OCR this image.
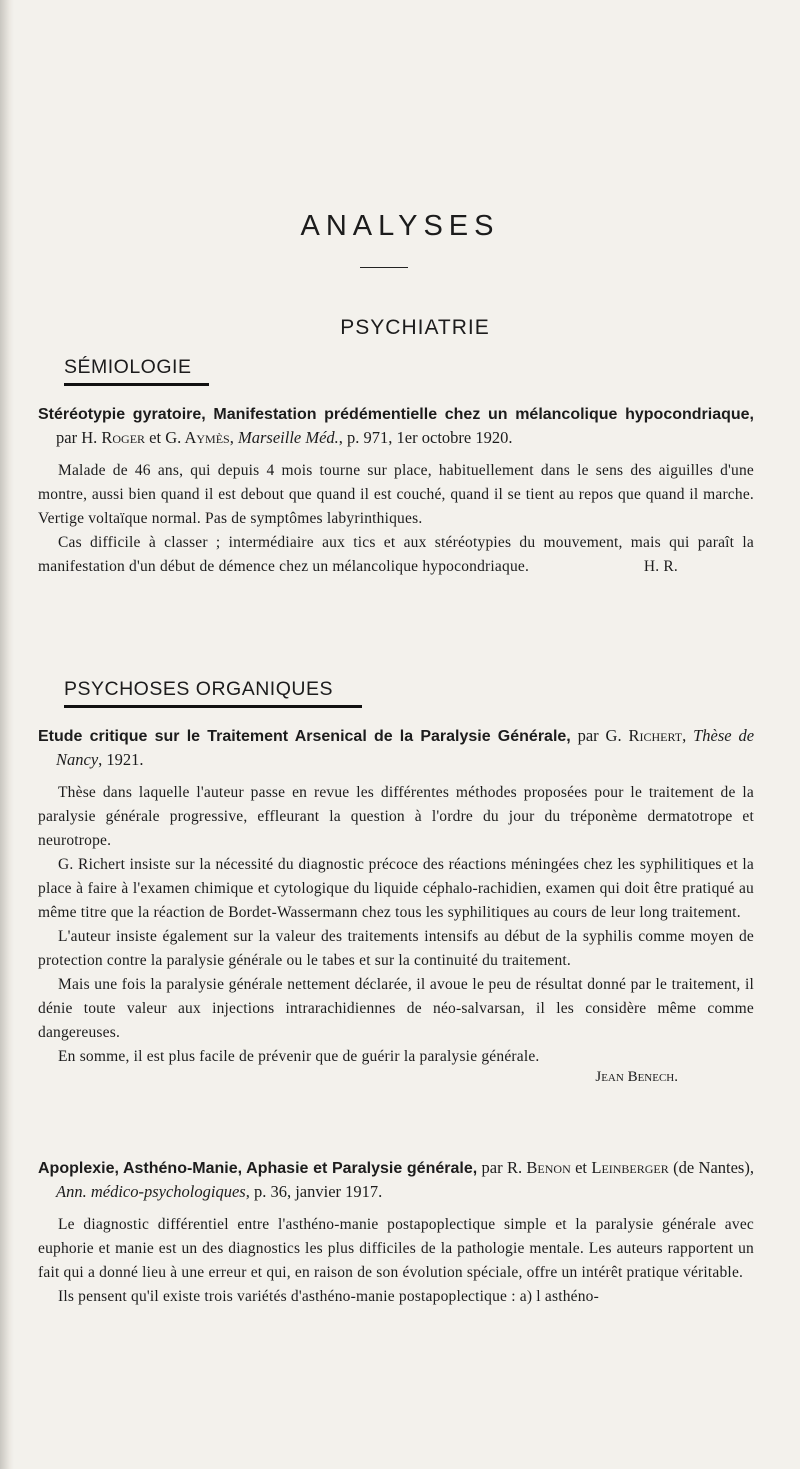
ANALYSES
PSYCHIATRIE
SÉMIOLOGIE

Stéréotypie gyratoire, Manifestation prédémentielle chez un mélancolique hypocondriaque, par H. Roger et G. Aymès, Marseille Méd., p. 971, 1er octobre 1920.

Malade de 46 ans, qui depuis 4 mois tourne sur place, habituellement dans le sens des aiguilles d'une montre, aussi bien quand il est debout que quand il est couché, quand il se tient au repos que quand il marche. Vertige voltaïque normal. Pas de symptômes labyrinthiques.

Cas difficile à classer ; intermédiaire aux tics et aux stéréotypies du mouvement, mais qui paraît la manifestation d'un début de démence chez un mélancolique hypocondriaque.	H. R.

PSYCHOSES ORGANIQUES

Etude critique sur le Traitement Arsenical de la Paralysie Générale, par G. Richert, Thèse de Nancy, 1921.

Thèse dans laquelle l'auteur passe en revue les différentes méthodes proposées pour le traitement de la paralysie générale progressive, effleurant la question à l'ordre du jour du tréponème dermatotrope et neurotrope.

G. Richert insiste sur la nécessité du diagnostic précoce des réactions méningées chez les syphilitiques et la place à faire à l'examen chimique et cytologique du liquide céphalo-rachidien, examen qui doit être pratiqué au même titre que la réaction de Bordet-Wassermann chez tous les syphilitiques au cours de leur long traitement.

L'auteur insiste également sur la valeur des traitements intensifs au début de la syphilis comme moyen de protection contre la paralysie générale ou le tabes et sur la continuité du traitement.

Mais une fois la paralysie générale nettement déclarée, il avoue le peu de résultat donné par le traitement, il dénie toute valeur aux injections intrarachidiennes de néo-salvarsan, il les considère même comme dangereuses.

En somme, il est plus facile de prévenir que de guérir la paralysie générale.

Jean Benech.

Apoplexie, Asthéno-Manie, Aphasie et Paralysie générale, par R. Benon et Leinberger (de Nantes), Ann. médico-psychologiques, p. 36, janvier 1917.

Le diagnostic différentiel entre l'asthéno-manie postapoplectique simple et la paralysie générale avec euphorie et manie est un des diagnostics les plus difficiles de la pathologie mentale. Les auteurs rapportent un fait qui a donné lieu à une erreur et qui, en raison de son évolution spéciale, offre un intérêt pratique véritable.

Ils pensent qu'il existe trois variétés d'asthéno-manie postapoplectique : a) l asthéno-
